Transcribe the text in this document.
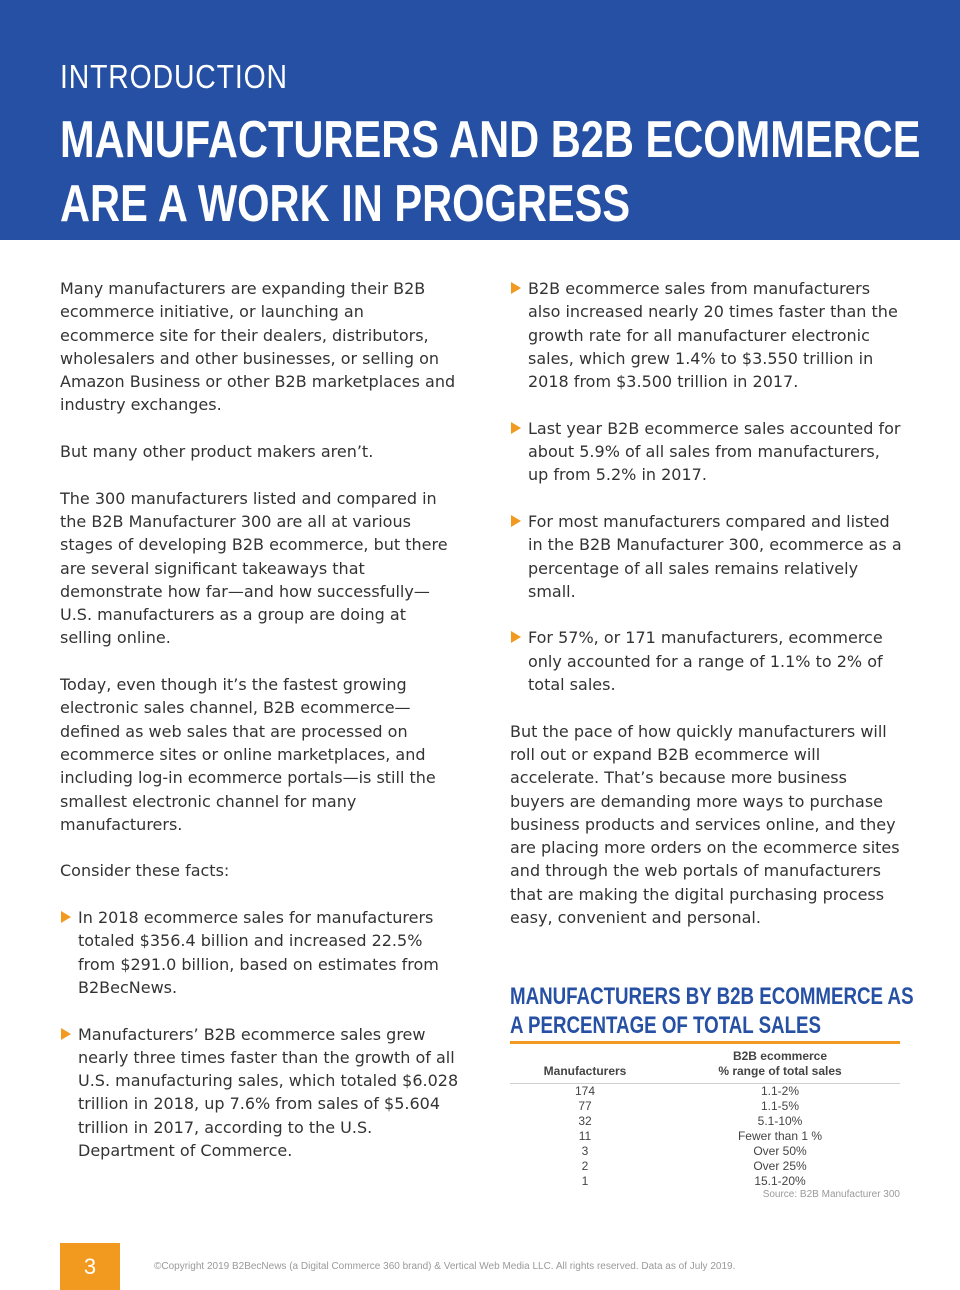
INTRODUCTION
MANUFACTURERS AND B2B ECOMMERCE
ARE A WORK IN PROGRESS

Many manufacturers are expanding their B2B ecommerce initiative, or launching an ecommerce site for their dealers, distributors, wholesalers and other businesses, or selling on Amazon Business or other B2B marketplaces and industry exchanges.

But many other product makers aren’t.

The 300 manufacturers listed and compared in the B2B Manufacturer 300 are all at various stages of developing B2B ecommerce, but there are several significant takeaways that demonstrate how far—and how successfully—U.S. manufacturers as a group are doing at selling online.

Today, even though it’s the fastest growing electronic sales channel, B2B ecommerce—defined as web sales that are processed on ecommerce sites or online marketplaces, and including log-in ecommerce portals—is still the smallest electronic channel for many manufacturers.

Consider these facts:

In 2018 ecommerce sales for manufacturers totaled $356.4 billion and increased 22.5% from $291.0 billion, based on estimates from B2BecNews.
Manufacturers’ B2B ecommerce sales grew nearly three times faster than the growth of all U.S. manufacturing sales, which totaled $6.028 trillion in 2018, up 7.6% from sales of $5.604 trillion in 2017, according to the U.S. Department of Commerce.
B2B ecommerce sales from manufacturers also increased nearly 20 times faster than the growth rate for all manufacturer electronic sales, which grew 1.4% to $3.550 trillion in 2018 from $3.500 trillion in 2017.
Last year B2B ecommerce sales accounted for about 5.9% of all sales from manufacturers, up from 5.2% in 2017.
For most manufacturers compared and listed in the B2B Manufacturer 300, ecommerce as a percentage of all sales remains relatively small.
For 57%, or 171 manufacturers, ecommerce only accounted for a range of 1.1% to 2% of total sales.

But the pace of how quickly manufacturers will roll out or expand B2B ecommerce will accelerate. That’s because more business buyers are demanding more ways to purchase business products and services online, and they are placing more orders on the ecommerce sites and through the web portals of manufacturers that are making the digital purchasing process easy, convenient and personal.

MANUFACTURERS BY B2B ECOMMERCE AS
A PERCENTAGE OF TOTAL SALES
Manufacturers	B2B ecommerce
% range of total sales
174	1.1-2%
77	1.1-5%
32	5.1-10%
11	Fewer than 1 %
3	Over 50%
2	Over 25%
1	15.1-20%
Source: B2B Manufacturer 300
3	©Copyright 2019 B2BecNews (a Digital Commerce 360 brand) & Vertical Web Media LLC. All rights reserved. Data as of July 2019.
